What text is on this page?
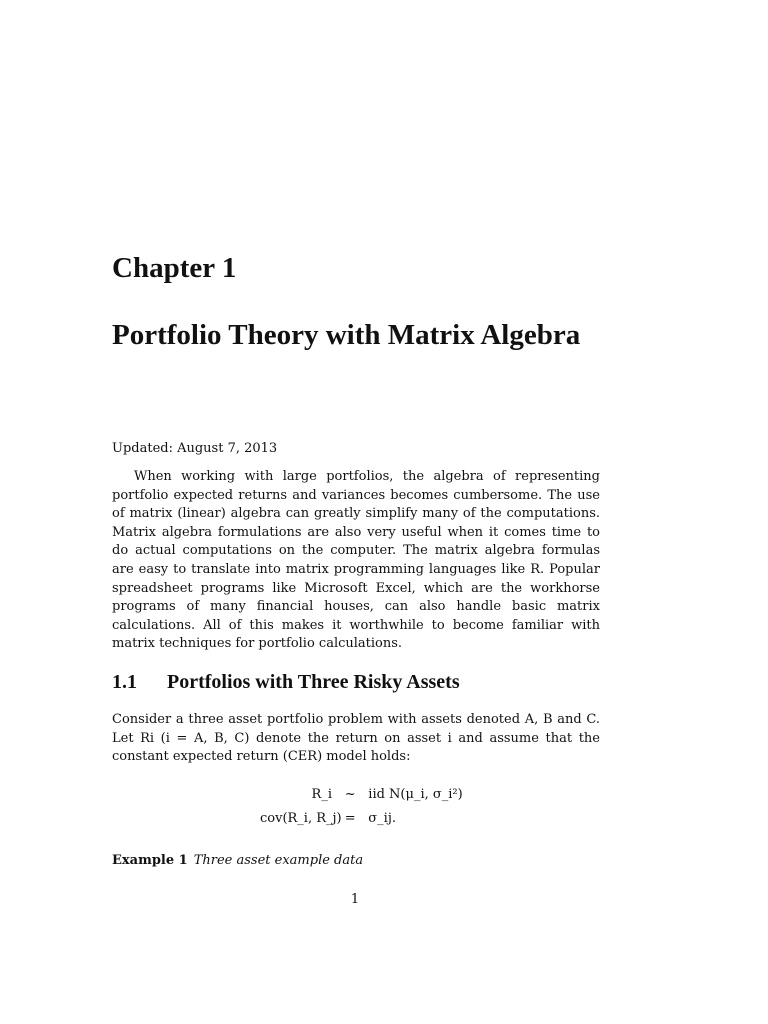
Chapter 1
Portfolio Theory with Matrix Algebra
Updated: August 7, 2013

When working with large portfolios, the algebra of representing portfolio expected returns and variances becomes cumbersome. The use of matrix (linear) algebra can greatly simplify many of the computations. Matrix algebra formulations are also very useful when it comes time to do actual computations on the computer. The matrix algebra formulas are easy to translate into matrix programming languages like R. Popular spreadsheet programs like Microsoft Excel, which are the workhorse programs of many financial houses, can also handle basic matrix calculations. All of this makes it worthwhile to become familiar with matrix techniques for portfolio calculations.

1.1 Portfolios with Three Risky Assets

Consider a three asset portfolio problem with assets denoted A, B and C. Let Ri (i = A, B, C) denote the return on asset i and assume that the constant expected return (CER) model holds:

R_i ~ iid N(μ_i, σ_i²)
cov(R_i, R_j) = σ_ij.
Example 1 Three asset example data
1
